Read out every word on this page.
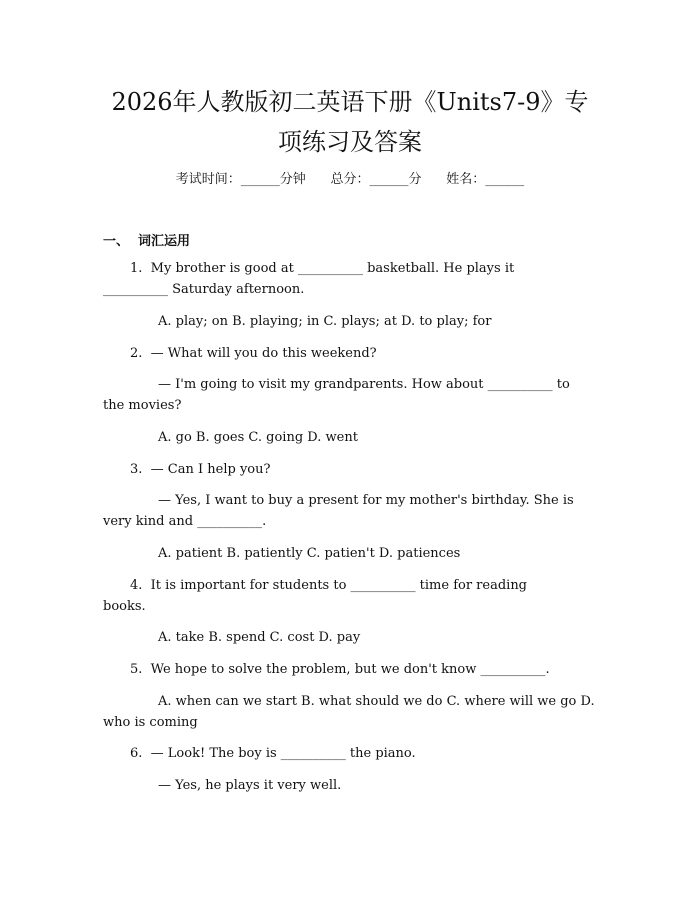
2026年人教版初二英语下册《Units7-9》专
项练习及答案
考试时间：______分钟      总分：______分      姓名：______
一、  词汇运用
1.  My brother is good at __________ basketball. He plays it
__________ Saturday afternoon.
A. play; on B. playing; in C. plays; at D. to play; for
2.  — What will you do this weekend?
— I'm going to visit my grandparents. How about __________ to
the movies?
A. go B. goes C. going D. went
3.  — Can I help you?
— Yes, I want to buy a present for my mother's birthday. She is
very kind and __________.
A. patient B. patiently C. patien't D. patiences
4.  It is important for students to __________ time for reading
books.
A. take B. spend C. cost D. pay
5.  We hope to solve the problem, but we don't know __________.
A. when can we start B. what should we do C. where will we go D.
who is coming
6.  — Look! The boy is __________ the piano.
— Yes, he plays it very well.
